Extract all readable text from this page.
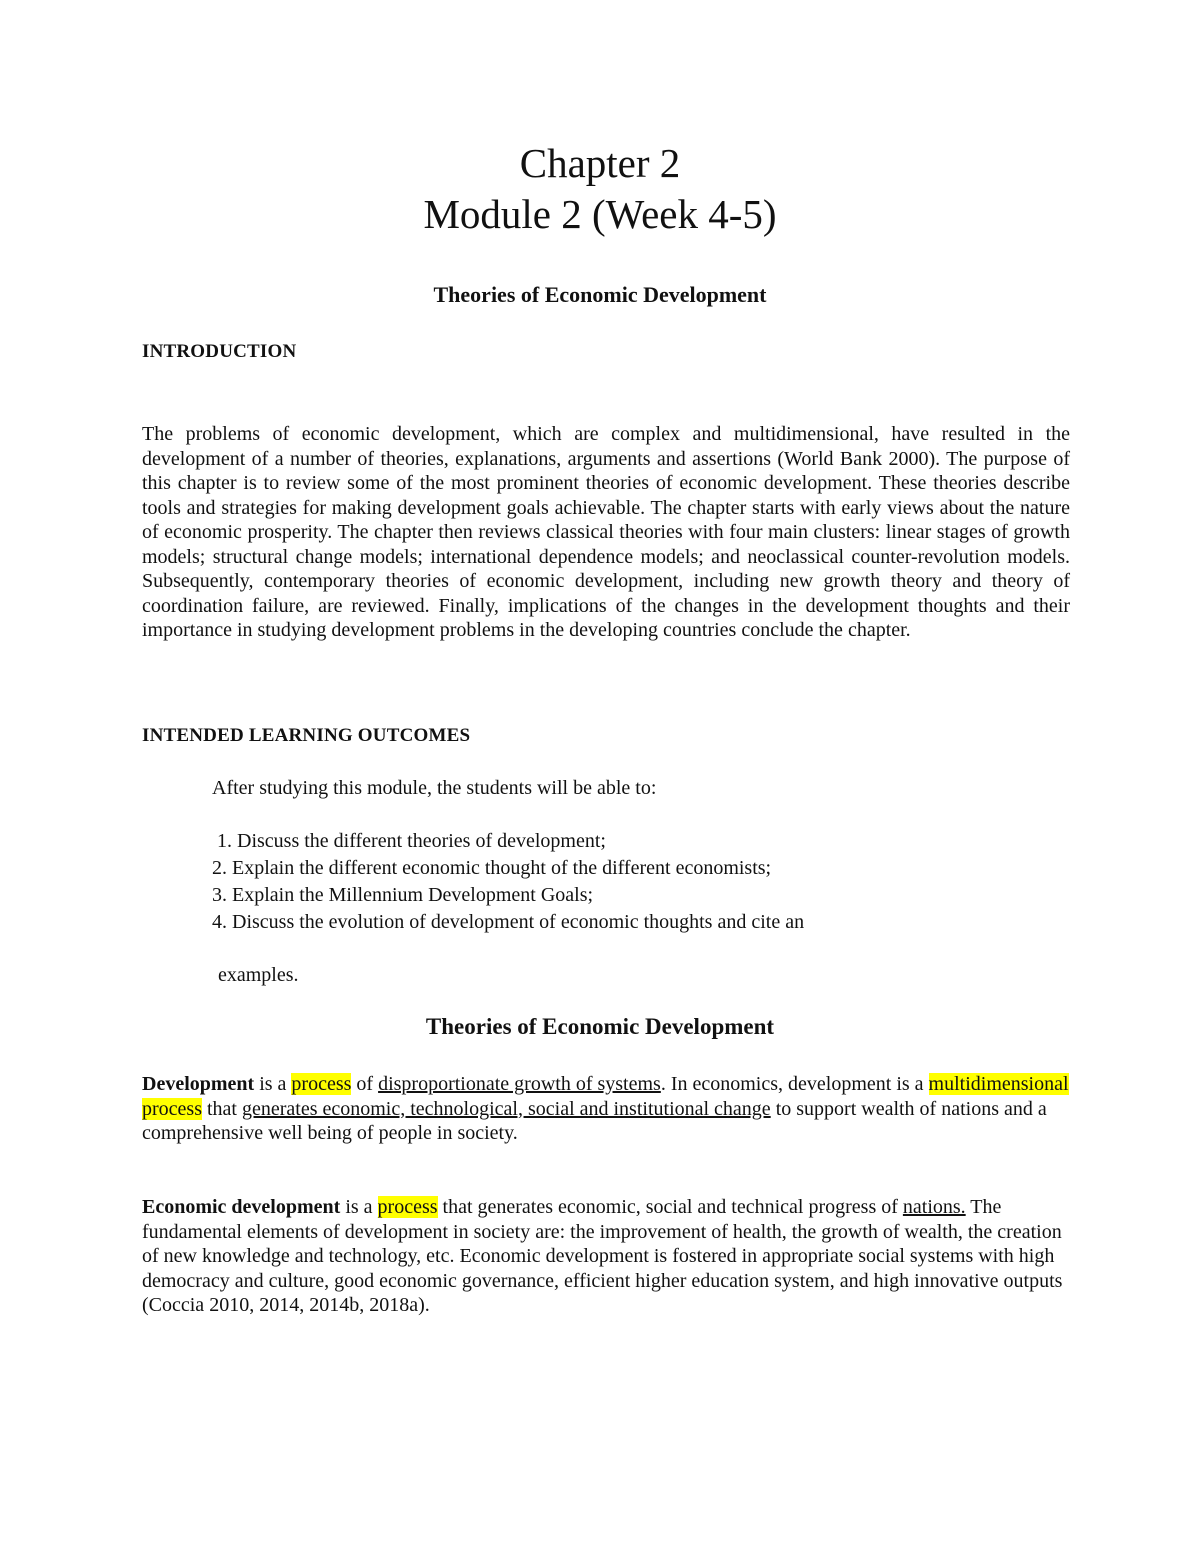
Chapter 2
Module 2 (Week 4-5)
Theories of Economic Development
INTRODUCTION

The problems of economic development, which are complex and multidimensional, have resulted in the development of a number of theories, explanations, arguments and assertions (World Bank 2000). The purpose of this chapter is to review some of the most prominent theories of economic development. These theories describe tools and strategies for making development goals achievable. The chapter starts with early views about the nature of economic prosperity. The chapter then reviews classical theories with four main clusters: linear stages of growth models; structural change models; international dependence models; and neoclassical counter-revolution models. Subsequently, contemporary theories of economic development, including new growth theory and theory of coordination failure, are reviewed. Finally, implications of the changes in the development thoughts and their importance in studying development problems in the developing countries conclude the chapter.

INTENDED LEARNING OUTCOMES
After studying this module, the students will be able to:
1. Discuss the different theories of development;
2. Explain the different economic thought of the different economists;
3. Explain the Millennium Development Goals;
4. Discuss the evolution of development of economic thoughts and cite an
examples.
Theories of Economic Development

Development is a process of disproportionate growth of systems. In economics, development is a multidimensional process that generates economic, technological, social and institutional change to support wealth of nations and a comprehensive well being of people in society.

Economic development is a process that generates economic, social and technical progress of nations. The fundamental elements of development in society are: the improvement of health, the growth of wealth, the creation of new knowledge and technology, etc. Economic development is fostered in appropriate social systems with high democracy and culture, good economic governance, efficient higher education system, and high innovative outputs (Coccia 2010, 2014, 2014b, 2018a).
